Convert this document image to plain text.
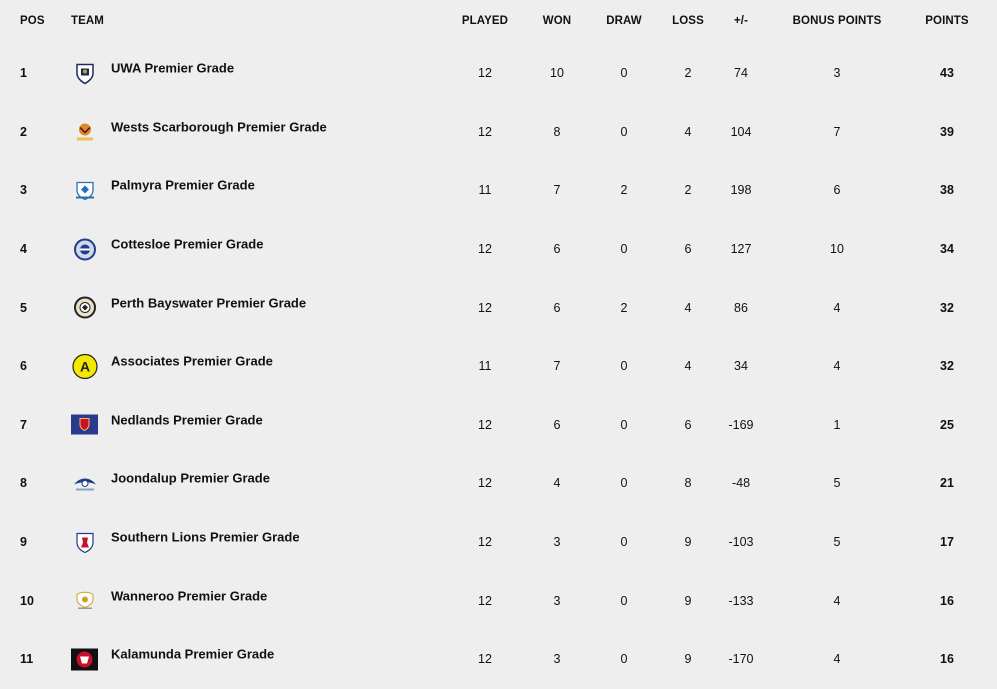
POS TEAM	PLAYED	WON	DRAW	LOSS	+/-	BONUS POINTS	POINTS
1	UWA Premier Grade	12	10	0	2	74	3	43
2	Wests Scarborough Premier Grade	12	8	0	4	104	7	39
3	Palmyra Premier Grade	11	7	2	2	198	6	38
4	Cottesloe Premier Grade	12	6	0	6	127	10	34
5	Perth Bayswater Premier Grade	12	6	2	4	86	4	32
6	A Associates Premier Grade	11	7	0	4	34	4	32
7	Nedlands Premier Grade	12	6	0	6	-169	1	25
8	Joondalup Premier Grade	12	4	0	8	-48	5	21
9	Southern Lions Premier Grade	12	3	0	9	-103	5	17
10	Wanneroo Premier Grade	12	3	0	9	-133	4	16
11	Kalamunda Premier Grade	12	3	0	9	-170	4	16
